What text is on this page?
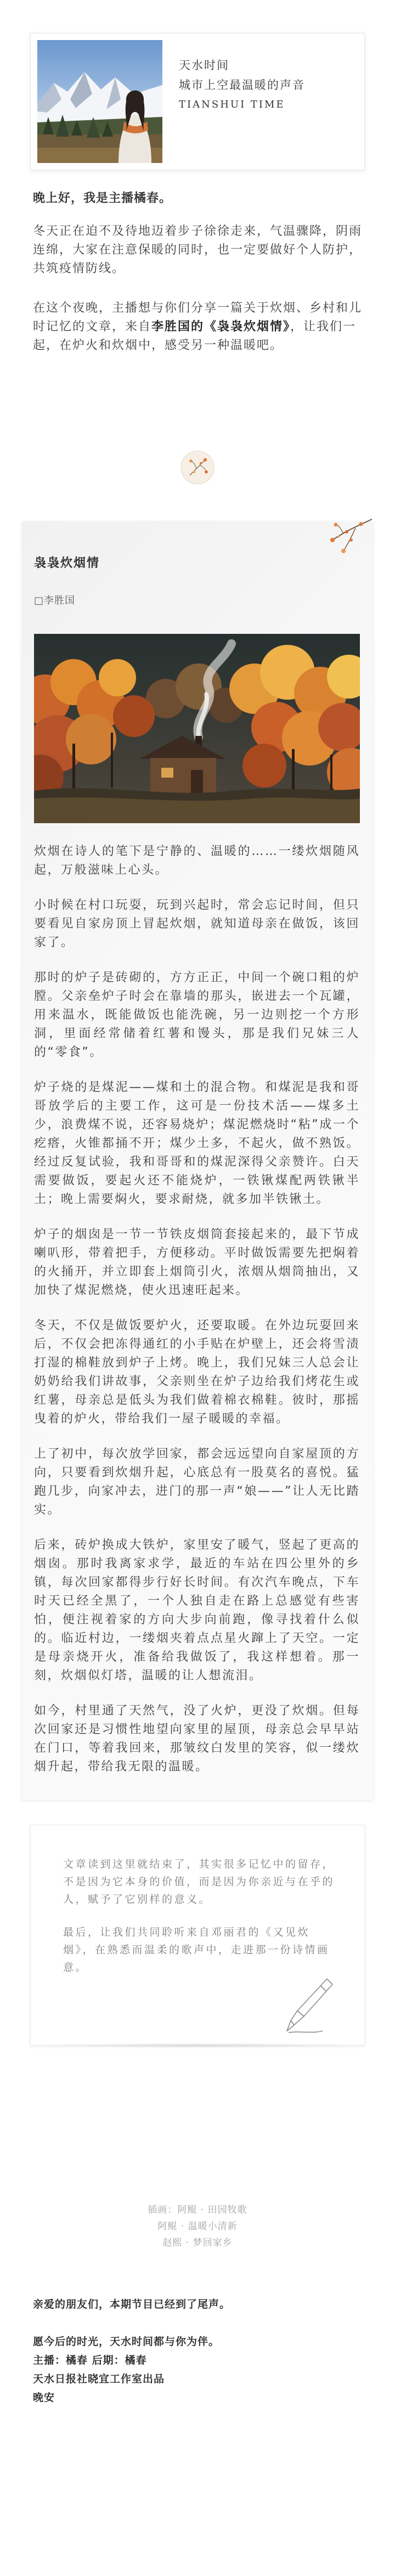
天水时间
城市上空最温暖的声音
TIANSHUI TIME

晚上好，我是主播橘春。

冬天正在迫不及待地迈着步子徐徐走来，气温骤降，阴雨连绵，大家在注意保暖的同时，也一定要做好个人防护，共筑疫情防线。

在这个夜晚，主播想与你们分享一篇关于炊烟、乡村和儿时记忆的文章，来自李胜国的《袅袅炊烟情》，让我们一起，在炉火和炊烟中，感受另一种温暖吧。

袅袅炊烟情
□李胜国

炊烟在诗人的笔下是宁静的、温暖的……一缕炊烟随风起，万般滋味上心头。

小时候在村口玩耍，玩到兴起时，常会忘记时间，但只要看见自家房顶上冒起炊烟，就知道母亲在做饭，该回家了。

那时的炉子是砖砌的，方方正正，中间一个碗口粗的炉膛。父亲垒炉子时会在靠墙的那头，嵌进去一个瓦罐，用来温水，既能做饭也能洗碗，另一边则挖一个方形洞，里面经常储着红薯和馒头，那是我们兄妹三人的“零食”。

炉子烧的是煤泥——煤和土的混合物。和煤泥是我和哥哥放学后的主要工作，这可是一份技术活——煤多土少，浪费煤不说，还容易烧炉；煤泥燃烧时“粘”成一个疙瘩，火锥都捅不开；煤少土多，不起火，做不熟饭。经过反复试验，我和哥哥和的煤泥深得父亲赞许。白天需要做饭，要起火还不能烧炉，一铁锹煤配两铁锹半土；晚上需要焖火，要求耐烧，就多加半铁锹土。

炉子的烟囱是一节一节铁皮烟筒套接起来的，最下节成喇叭形，带着把手，方便移动。平时做饭需要先把焖着的火捅开，并立即套上烟筒引火，浓烟从烟筒抽出，又加快了煤泥燃烧，使火迅速旺起来。

冬天，不仅是做饭要炉火，还要取暖。在外边玩耍回来后，不仅会把冻得通红的小手贴在炉壁上，还会将雪渍打湿的棉鞋放到炉子上烤。晚上，我们兄妹三人总会让奶奶给我们讲故事，父亲则坐在炉子边给我们烤花生或红薯，母亲总是低头为我们做着棉衣棉鞋。彼时，那摇曳着的炉火，带给我们一屋子暖暖的幸福。

上了初中，每次放学回家，都会远远望向自家屋顶的方向，只要看到炊烟升起，心底总有一股莫名的喜悦。猛跑几步，向家冲去，进门的那一声“娘——”让人无比踏实。

后来，砖炉换成大铁炉，家里安了暖气，竖起了更高的烟囱。那时我离家求学，最近的车站在四公里外的乡镇，每次回家都得步行好长时间。有次汽车晚点，下车时天已经全黑了，一个人独自走在路上总感觉有些害怕，便注视着家的方向大步向前跑，像寻找着什么似的。临近村边，一缕烟夹着点点星火蹿上了天空。一定是母亲烧开火，准备给我做饭了，我这样想着。那一刻，炊烟似灯塔，温暖的让人想流泪。

如今，村里通了天然气，没了火炉，更没了炊烟。但每次回家还是习惯性地望向家里的屋顶，母亲总会早早站在门口，等着我回来，那皱纹白发里的笑容，似一缕炊烟升起，带给我无限的温暖。

文章读到这里就结束了，其实很多记忆中的留存，不是因为它本身的价值，而是因为你亲近与在乎的人，赋予了它别样的意义。

最后，让我们共同聆听来自邓丽君的《又见炊烟》，在熟悉而温柔的歌声中，走进那一份诗情画意。

插画：阿鲲 · 田园牧歌
阿鲲 · 温暖小清新
赵熙 · 梦回家乡
亲爱的朋友们，本期节目已经到了尾声。
愿今后的时光，天水时间都与你为伴。
主播：橘春 后期：橘春
天水日报社晓宜工作室出品
晚安
